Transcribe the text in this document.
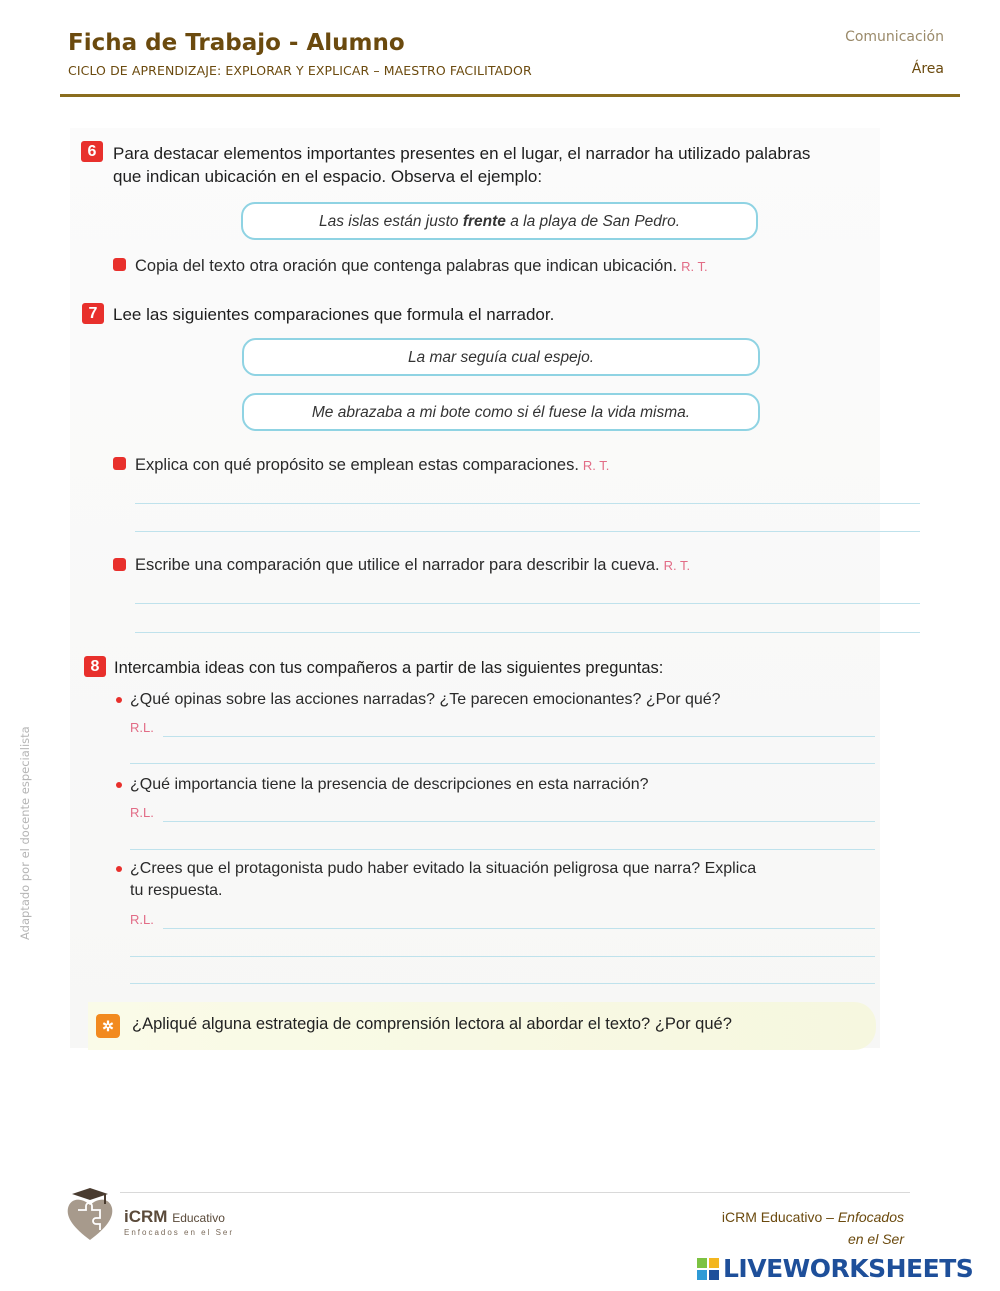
Ficha de Trabajo - Alumno
CICLO DE APRENDIZAJE: EXPLORAR Y EXPLICAR – MAESTRO FACILITADOR
Comunicación
Área
Adaptado por el docente especialista
6 Para destacar elementos importantes presentes en el lugar, el narrador ha utilizado palabras
que indican ubicación en el espacio. Observa el ejemplo:
Las islas están justo frente a la playa de San Pedro.
Copia del texto otra oración que contenga palabras que indican ubicación. R. T.
7 Lee las siguientes comparaciones que formula el narrador.
La mar seguía cual espejo.
Me abrazaba a mi bote como si él fuese la vida misma.
Explica con qué propósito se emplean estas comparaciones. R. T.
Escribe una comparación que utilice el narrador para describir la cueva. R. T.
8 Intercambia ideas con tus compañeros a partir de las siguientes preguntas:
¿Qué opinas sobre las acciones narradas? ¿Te parecen emocionantes? ¿Por qué?
R.L.
¿Qué importancia tiene la presencia de descripciones en esta narración?
R.L.
¿Crees que el protagonista pudo haber evitado la situación peligrosa que narra? Explica
tu respuesta.
R.L.
✲	¿Apliqué alguna estrategia de comprensión lectora al abordar el texto? ¿Por qué?
iCRM Educativo
Enfocados en el Ser
iCRM Educativo – Enfocados
en el Ser
LIVEWORKSHEETS
